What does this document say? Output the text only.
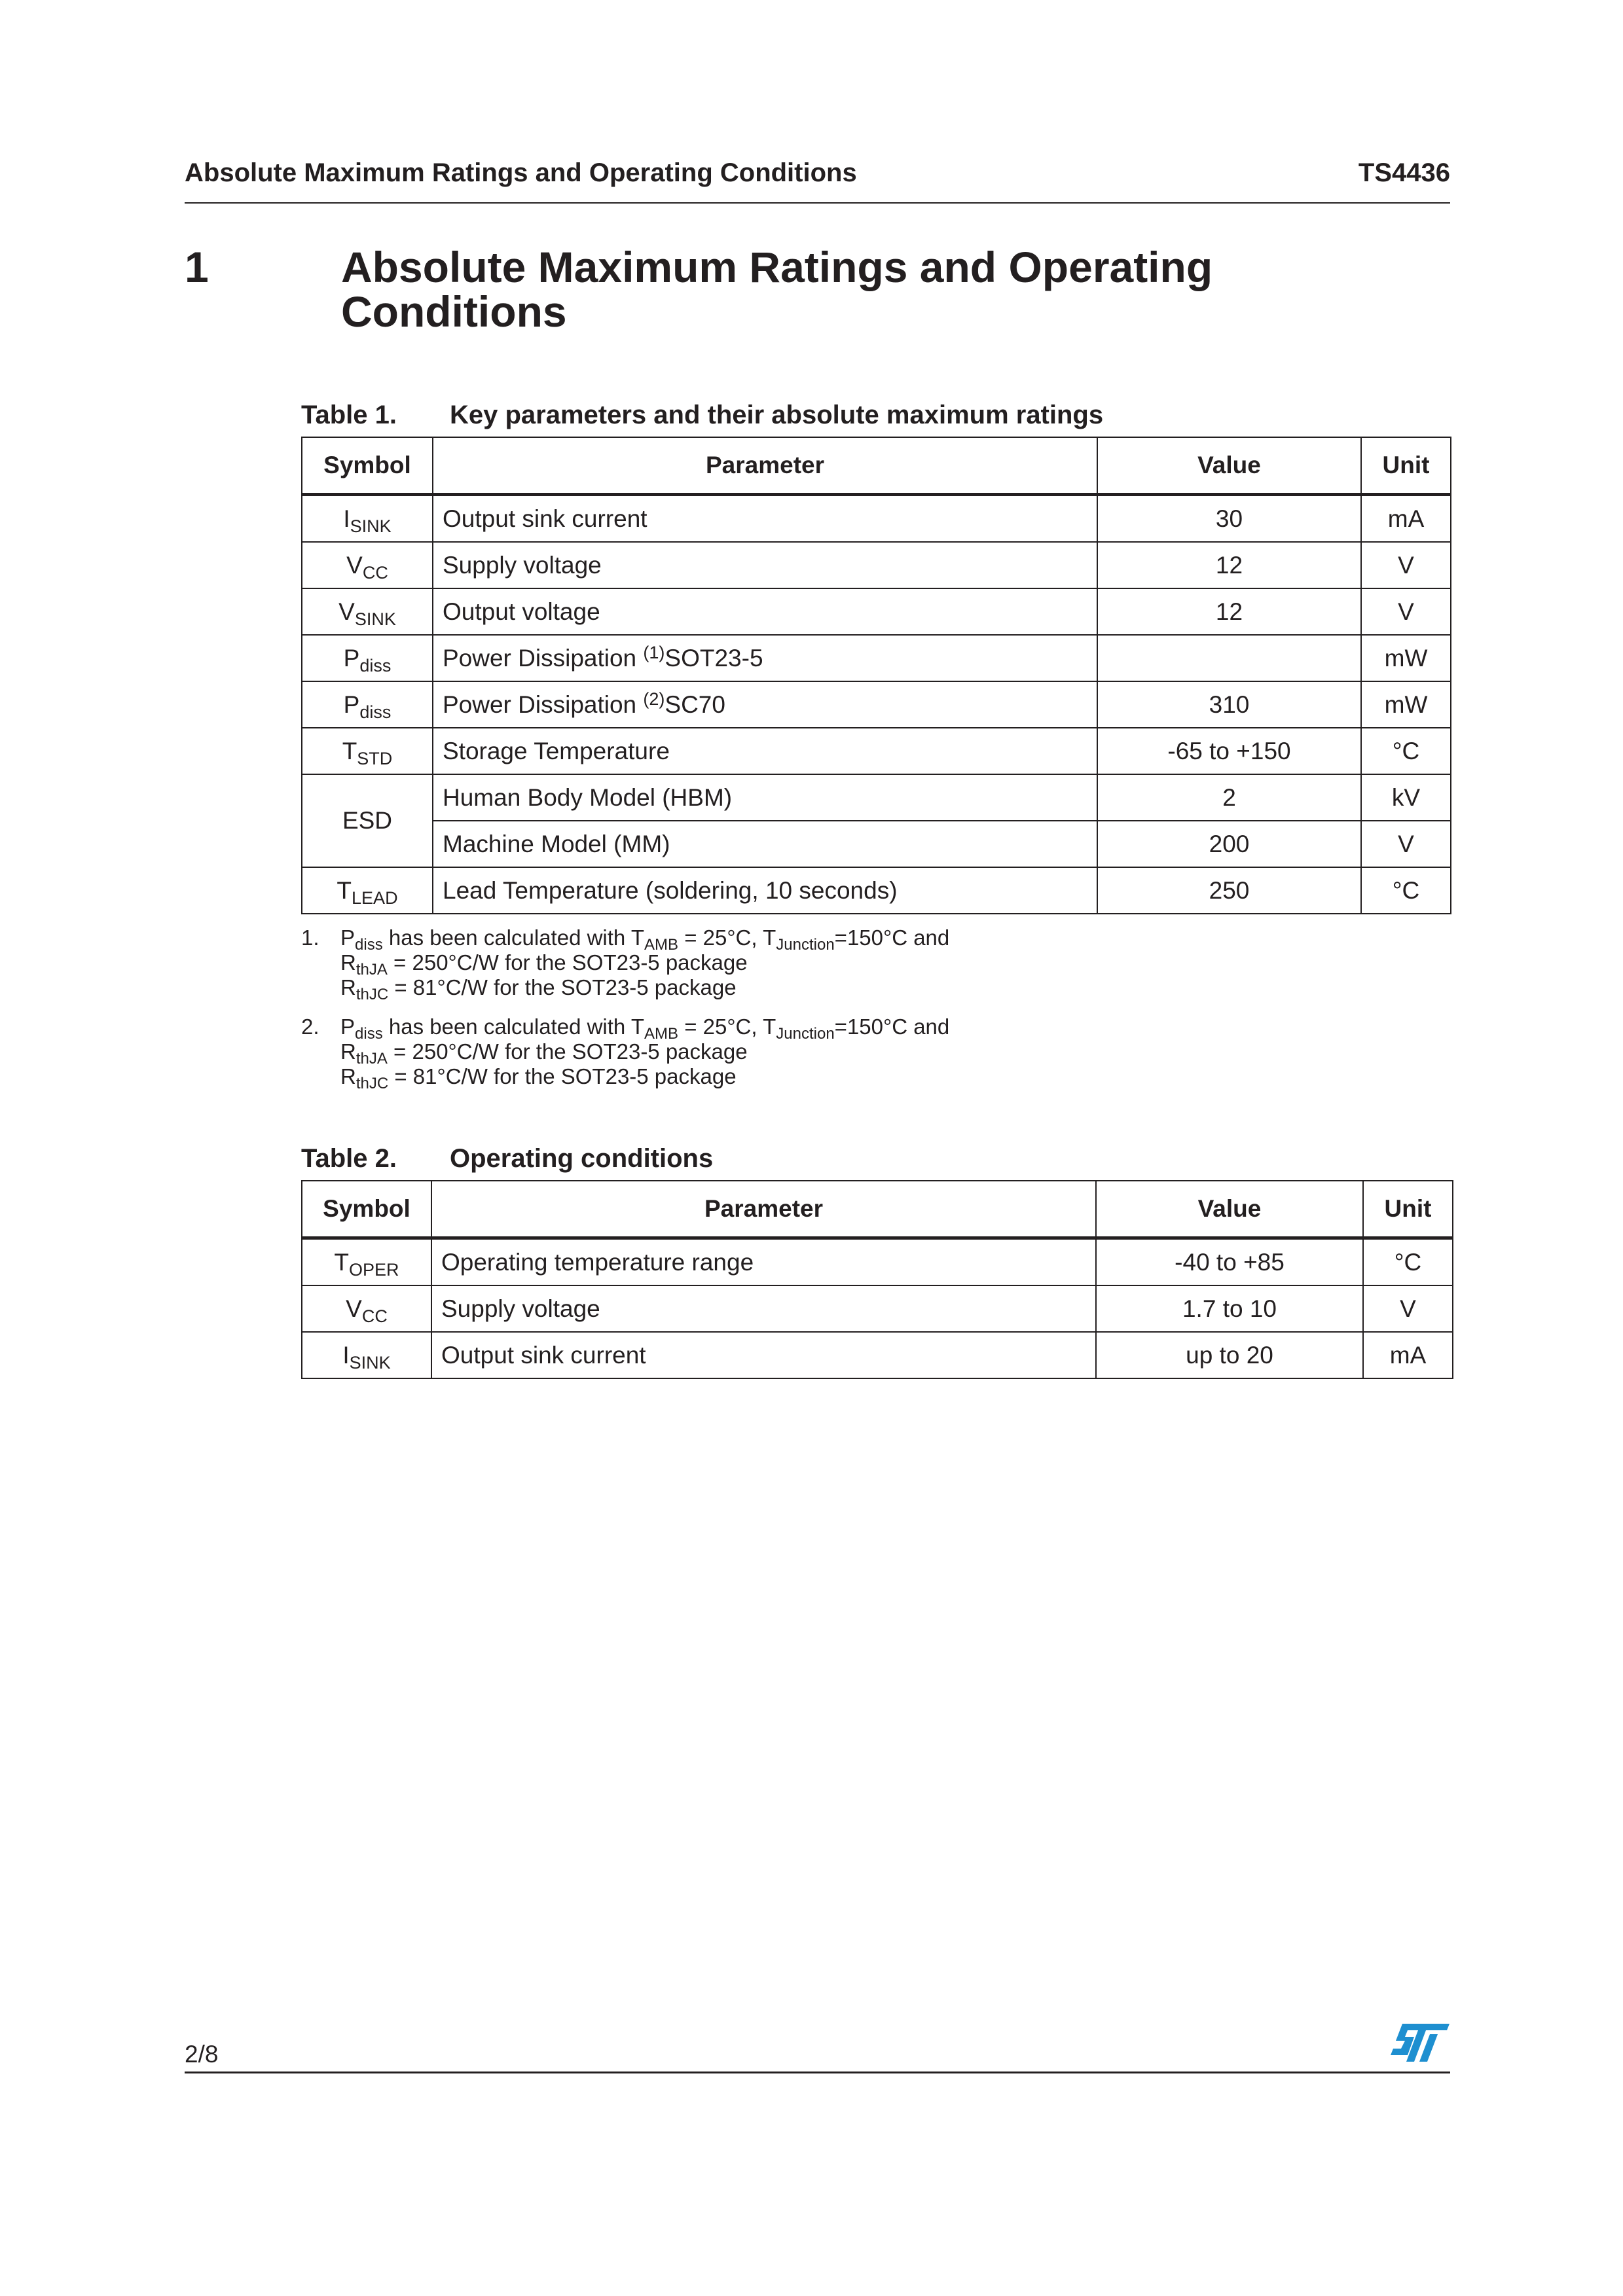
Absolute Maximum Ratings and Operating Conditions	TS4436
1	Absolute Maximum Ratings and Operating
Conditions
Table 1. Key parameters and their absolute maximum ratings
Symbol	Parameter	Value	Unit
$I_{SINK}$	Output sink current	30	mA
$V_{CC}$	Supply voltage	12	V
$V_{SINK}$	Output voltage	12	V
$P_{diss}$	Power Dissipation $^{(1)}$SOT23-5		mW
$P_{diss}$	Power Dissipation $^{(2)}$SC70	310	mW
$T_{STD}$	Storage Temperature	-65 to +150	°C
ESD	Human Body Model (HBM)	2	kV
	Machine Model (MM)	200	V
$T_{LEAD}$	Lead Temperature (soldering, 10 seconds)	250	°C
1. $P_{diss}$ has been calculated with $T_{AMB} = 25^\circ C$, $T_{Junction}=150^\circ C$ and
$R_{thJA} = 250^\circ C/W$ for the SOT23-5 package
$R_{thJC} = 81^\circ C/W$ for the SOT23-5 package
2. $P_{diss}$ has been calculated with $T_{AMB} = 25^\circ C$, $T_{Junction}=150^\circ C$ and
$R_{thJA} = 250^\circ C/W$ for the SOT23-5 package
$R_{thJC} = 81^\circ C/W$ for the SOT23-5 package
Table 2. Operating conditions
Symbol	Parameter	Value	Unit
$T_{OPER}$	Operating temperature range	-40 to +85	°C
$V_{CC}$	Supply voltage	1.7 to 10	V
$I_{SINK}$	Output sink current	up to 20	mA
2/8
